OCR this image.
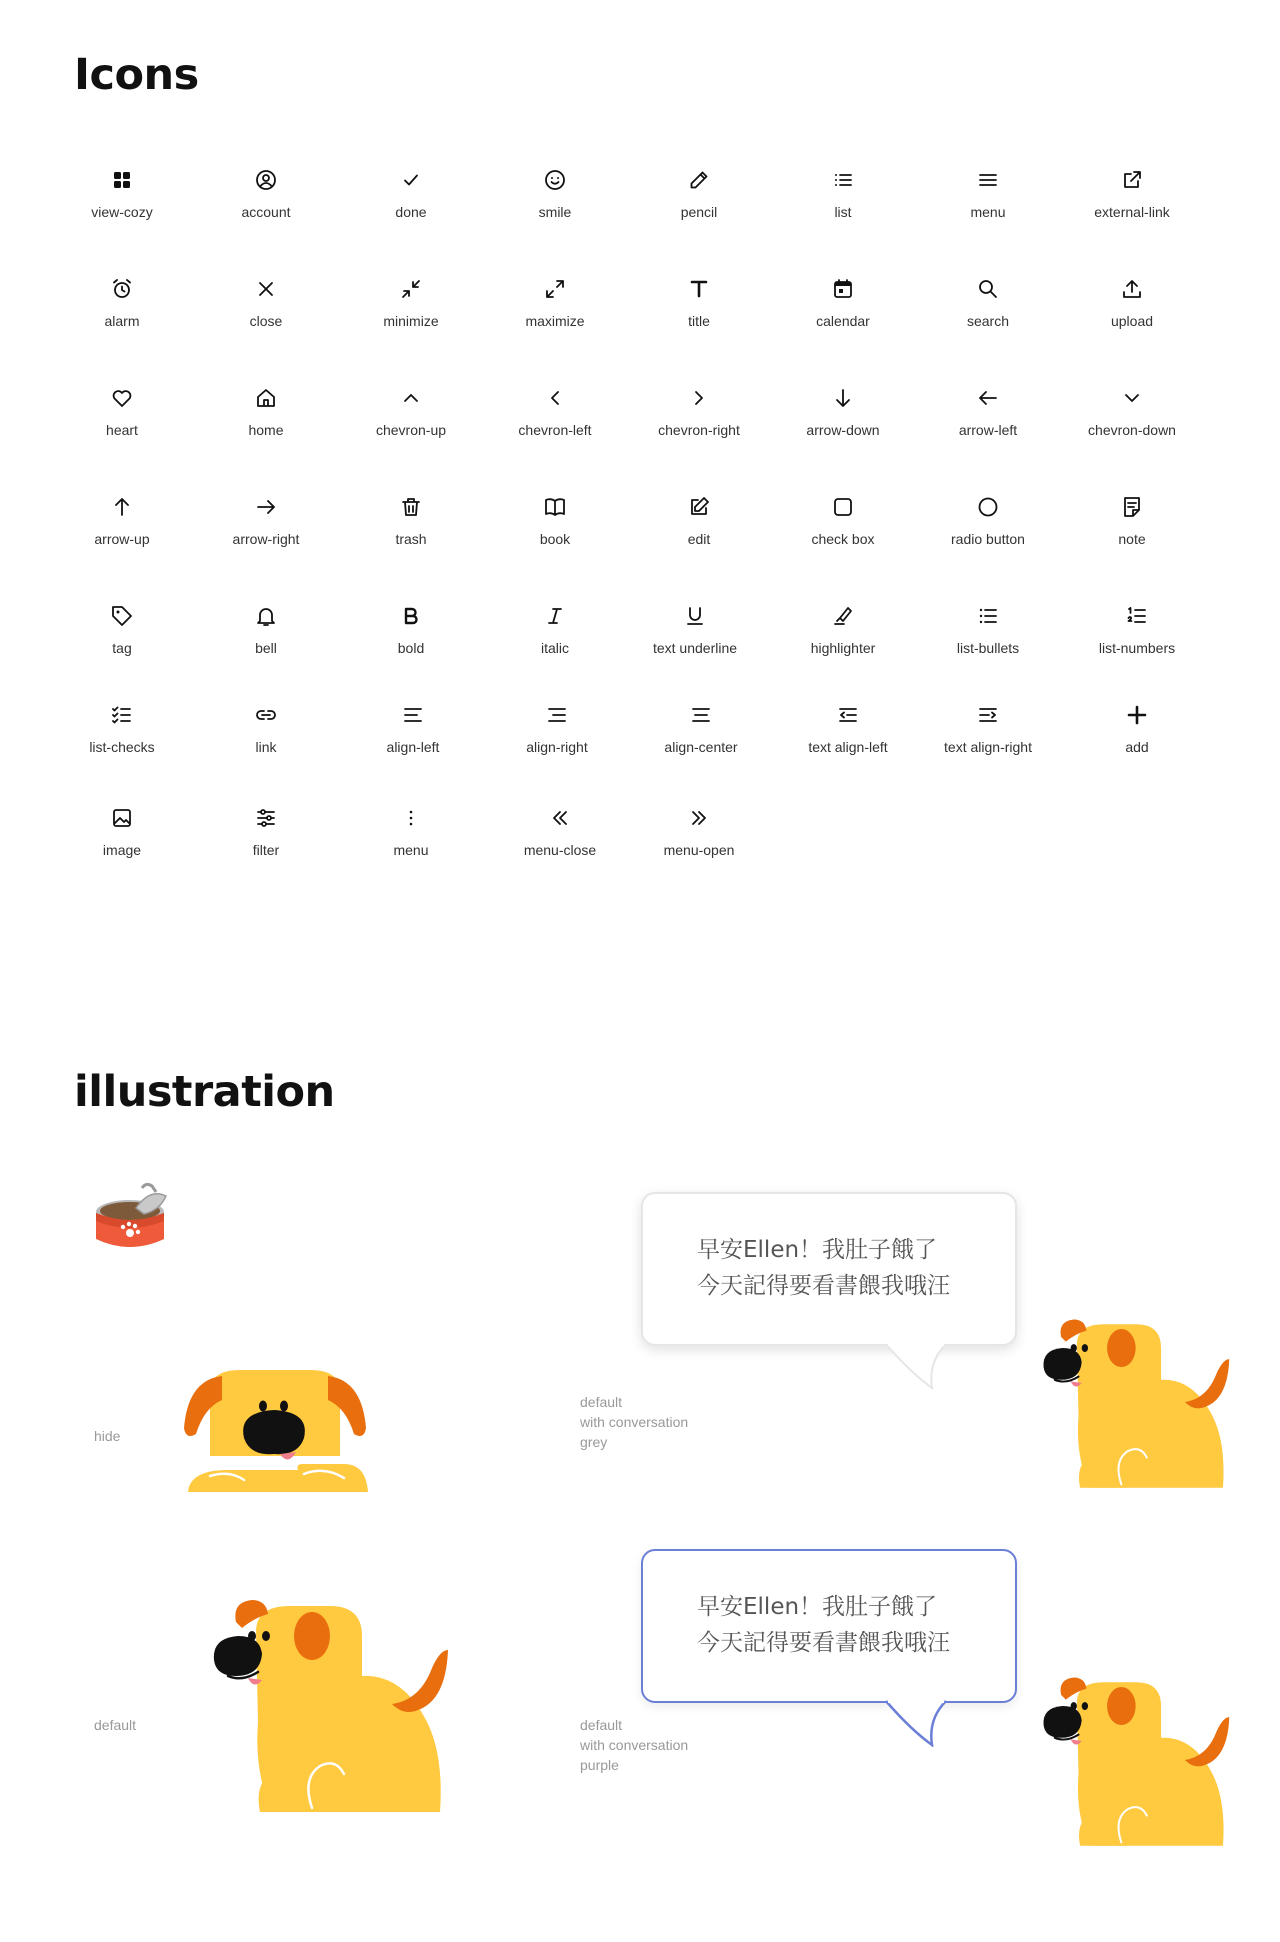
Icons
illustration
view-cozy	account	done	smile	pencil	list	menu	external-link
alarm	close	minimize	maximize	title	calendar	search	upload
heart	home	chevron-up	chevron-left	chevron-right	arrow-down	arrow-left	chevron-down
arrow-up	arrow-right	trash	book	edit	check box	radio button	note
tag	bell	bold	italic	text underline	highlighter	list-bullets	list-numbers
list-checks	link	align-left	align-right	align-center	text align-left	text align-right	add
image	filter	menu	menu-close	menu-open
hide
default
早安Ellen！我肚子餓了
今天記得要看書餵我哦汪
default
with conversation
grey
早安Ellen！我肚子餓了
今天記得要看書餵我哦汪
default
with conversation
purple
